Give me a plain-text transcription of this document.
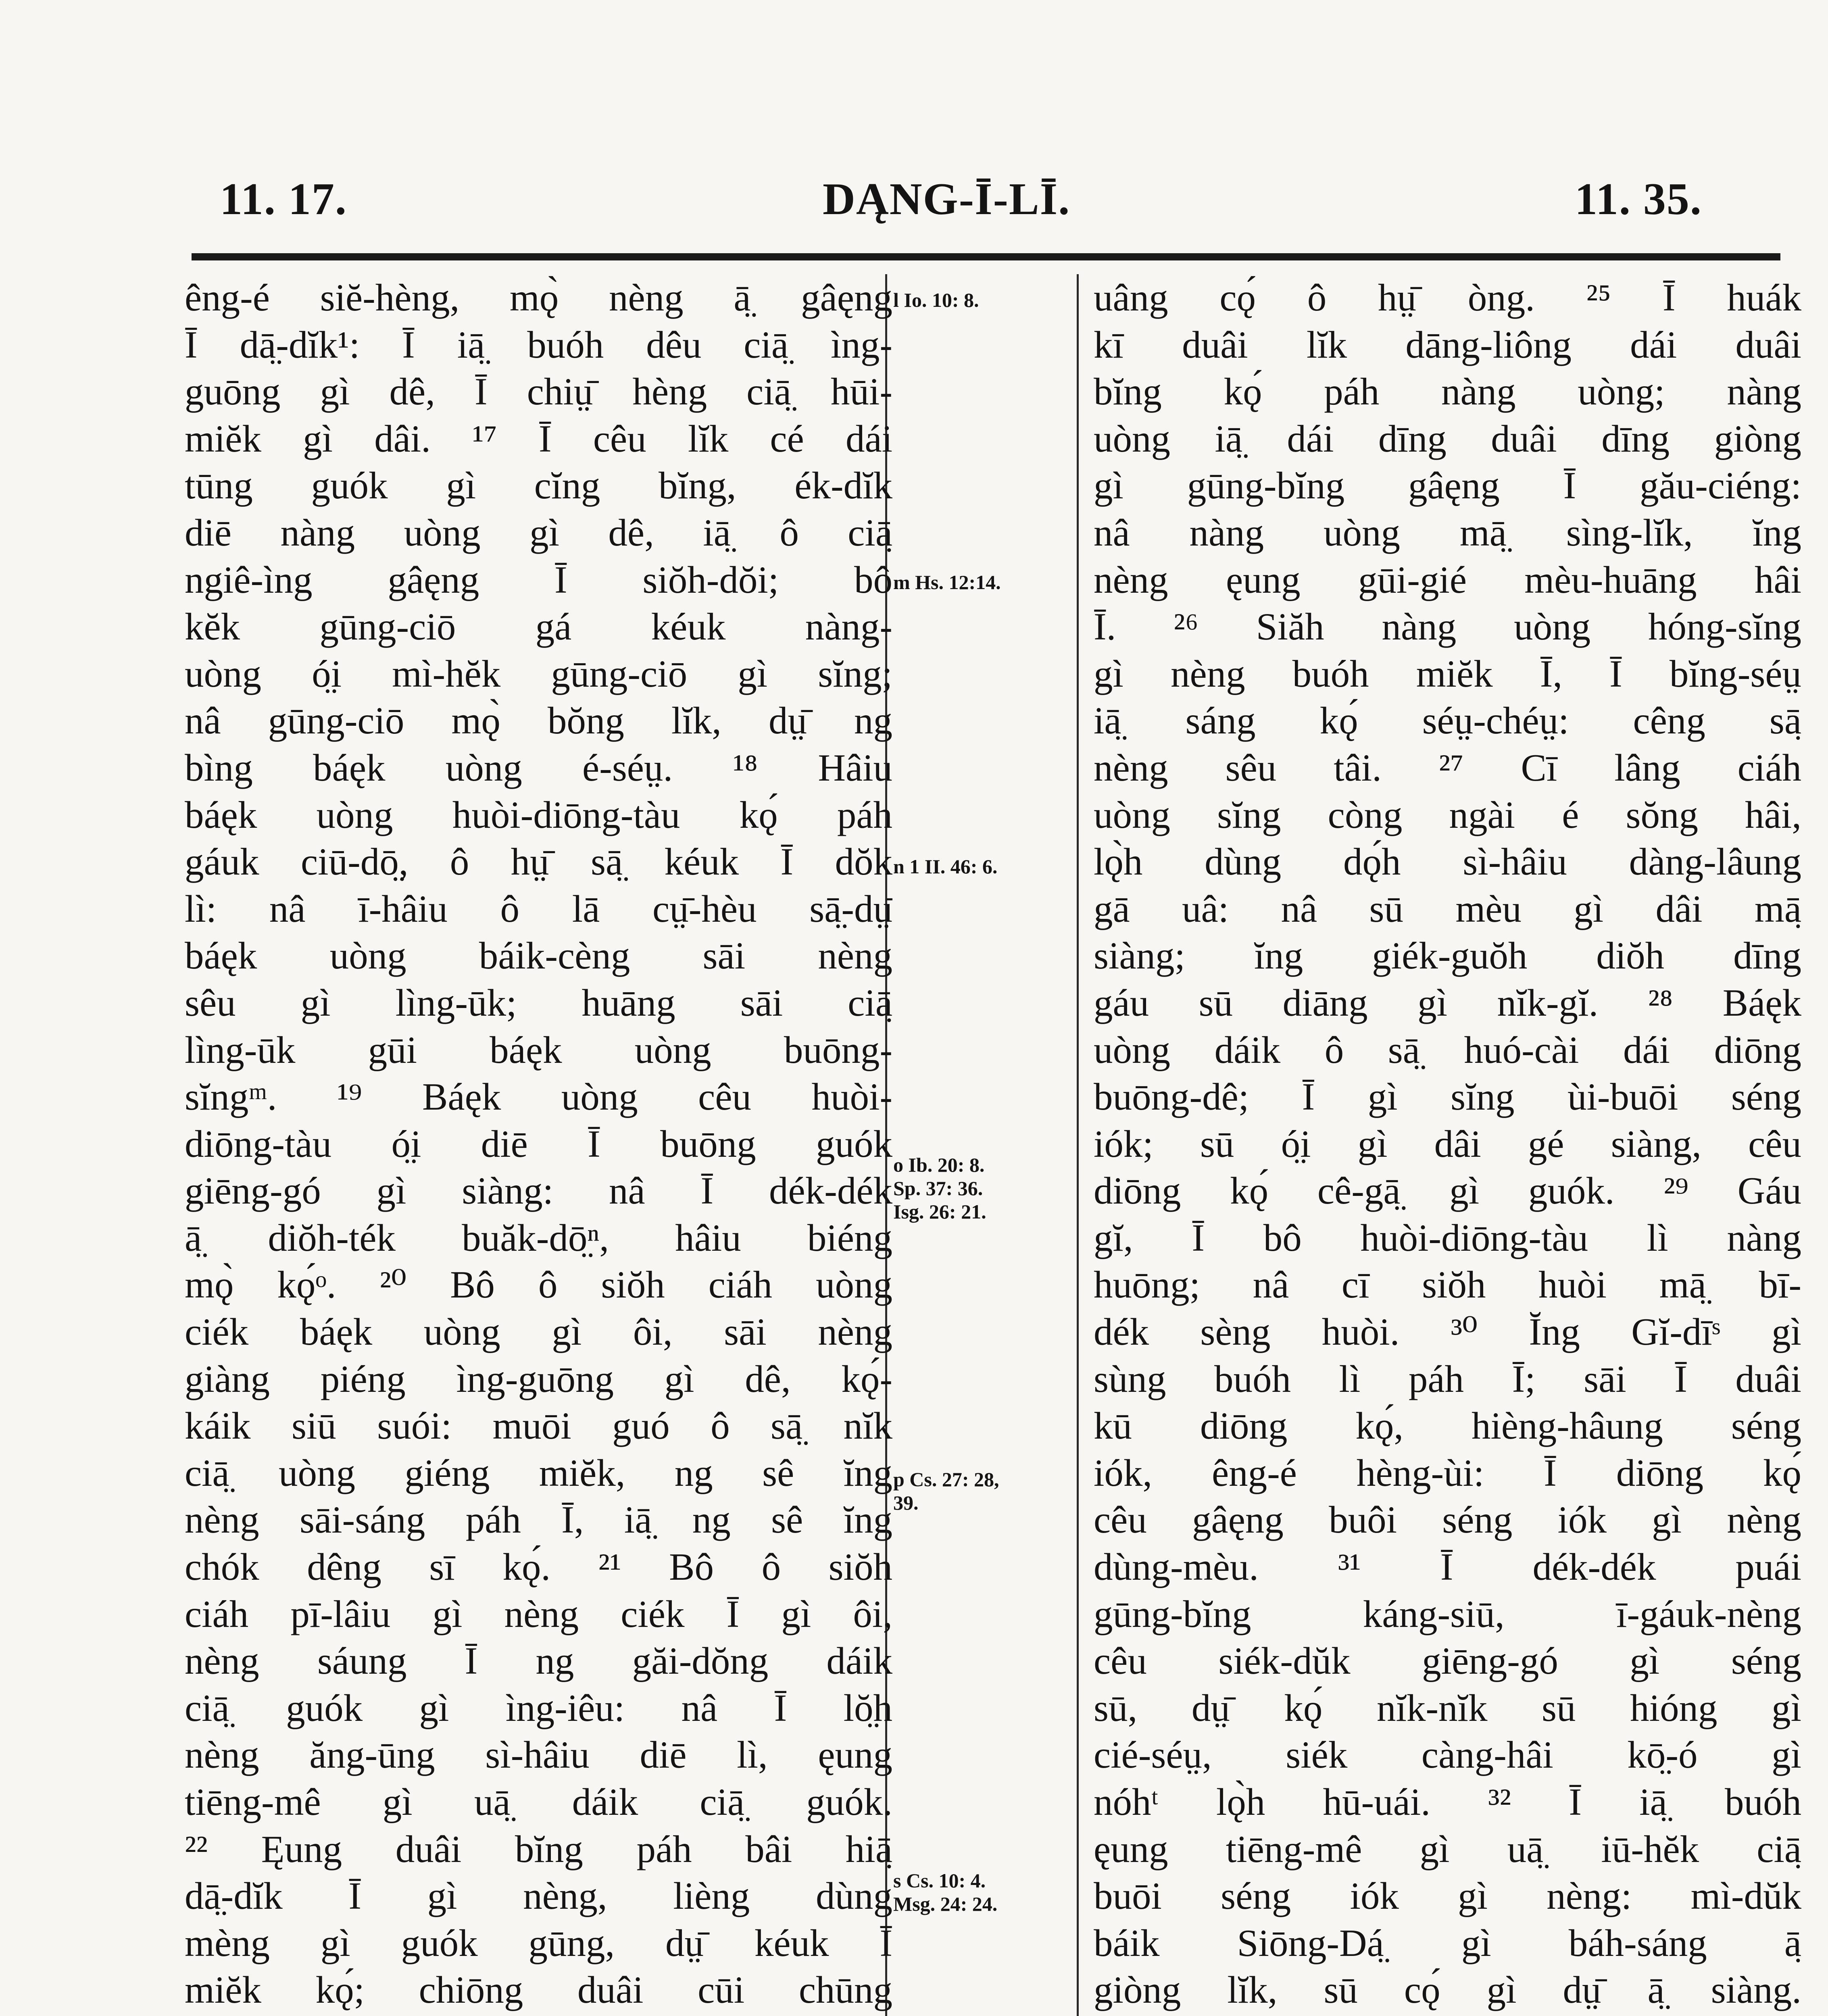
11. 17.	DĄNG-Ī-LĪ.	11. 35.
êng-é siĕ-hèng, mǫ̀ nèng ā̤ gâęng
Ī dā̤-dĭk¹: Ī iā̤ buóh dêu ciā̤ ìng-
guōng gì dê, Ī chiṳ̄ hèng ciā̤ hūi-
miĕk gì dâi. ¹⁷ Ī cêu lĭk cé dái
tūng guók gì cĭng bĭng, ék-dĭk
diē nàng uòng gì dê, iā̤ ô ciā̤
ngiê-ìng gâęng Ī siŏh-dŏi; bô
kĕk gūng-ciō gá kéuk nàng-
uòng ó̤i mì-hĕk gūng-ciō gì sĭng;
nâ gūng-ciō mǫ̀ bŏng lĭk, dṳ̄ ng
bìng báęk uòng é-séṳ. ¹⁸ Hâiu
báęk uòng huòi-diōng-tàu kǫ́ páh
gáuk ciū-dō̤, ô hṳ̄ sā̤ kéuk Ī dŏk
lì: nâ ī-hâiu ô lā cṳ̄-hèu sā̤-dṳ̄
báęk uòng báik-cèng sāi nèng
sêu gì lìng-ūk; huāng sāi ciā̤
lìng-ūk gūi báęk uòng buōng-
sĭngᵐ. ¹⁹ Báęk uòng cêu huòi-
diōng-tàu ó̤i diē Ī buōng guók
giēng-gó gì siàng: nâ Ī dék-dék
ā̤ diŏh-ték buăk-dō̤ⁿ, hâiu biéng
mǫ̀ kǫ́ᵒ. ²⁰ Bô ô siŏh ciáh uòng
ciék báęk uòng gì ôi, sāi nèng
giàng piéng ìng-guōng gì dê, kǫ́-
káik siū suói: muōi guó ô sā̤ nĭk
ciā̤ uòng giéng miĕk, ng sê ĭng
nèng sāi-sáng páh Ī, iā̤ ng sê ĭng
chók dêng sī kǫ́. ²¹ Bô ô siŏh
ciáh pī-lâiu gì nèng ciék Ī gì ôi,
nèng sáung Ī ng găi-dŏng dáik
ciā̤ guók gì ìng-iêu: nâ Ī lŏ̤h
nèng ăng-ūng sì-hâiu diē lì, ęung
tiēng-mê gì uā̤ dáik ciā̤ guók.
²² Ęung duâi bĭng páh bâi hiā̤
dā̤-dĭk Ī gì nèng, lièng dùng
mèng gì guók gūng, dṳ̄ kéuk Ī
miĕk kǫ́; chiōng duâi cūi chūng
l Io. 10: 8.
m Hs. 12:14.
n 1 II. 46: 6.
o Ib. 20: 8.
Sp. 37: 36.
Isg. 26: 21.
p Cs. 27: 28,
39.
s Cs. 10: 4.
Msg. 24: 24.
uâng cǫ́ ô hṳ̄ òng. ²⁵ Ī huák
kī duâi lĭk dāng-liông dái duâi
bĭng kǫ́ páh nàng uòng; nàng
uòng iā̤ dái dīng duâi dīng giòng
gì gūng-bĭng gâęng Ī gău-ciéng:
nâ nàng uòng mā̤ sìng-lĭk, ĭng
nèng ęung gūi-gié mèu-huāng hâi
Ī. ²⁶ Siăh nàng uòng hóng-sĭng
gì nèng buóh miĕk Ī, Ī bĭng-séṳ
iā̤ sáng kǫ́ séṳ-chéṳ: cêng sā̤
nèng sêu tâi. ²⁷ Cī lâng ciáh
uòng sĭng còng ngài é sŏng hâi,
lǫ̀h dùng dǫ́h sì-hâiu dàng-lâung
gā uâ: nâ sū mèu gì dâi mā̤
siàng; ĭng giék-guŏh diŏh dīng
gáu sū diāng gì nĭk-gĭ. ²⁸ Báęk
uòng dáik ô sā̤ huó-cài dái diōng
buōng-dê; Ī gì sĭng ùi-buōi séng
iók; sū ó̤i gì dâi gé siàng, cêu
diōng kǫ́ cê-gā̤ gì guók. ²⁹ Gáu
gĭ, Ī bô huòi-diōng-tàu lì nàng
huōng; nâ cī siŏh huòi mā̤ bī-
dék sèng huòi. ³⁰ Ĭng Gĭ-dīˢ gì
sùng buóh lì páh Ī; sāi Ī duâi
kū diōng kǫ́, hièng-hâung séng
iók, êng-é hèng-ùi: Ī diōng kǫ́
cêu gâęng buôi séng iók gì nèng
dùng-mèu. ³¹ Ī dék-dék puái
gūng-bĭng káng-siū, ī-gáuk-nèng
cêu siék-dŭk giēng-gó gì séng
sū, dṳ̄ kǫ́ nĭk-nĭk sū hióng gì
cié-séṳ, siék càng-hâi kō̤-ó gì
nóhᵗ lǫ̀h hū-uái. ³² Ī iā̤ buóh
ęung tiēng-mê gì uā̤ iū-hĕk ciā̤
buōi séng iók gì nèng: mì-dŭk
báik Siōng-Dá̤ gì báh-sáng ā̤
giòng lĭk, sū cǫ́ gì dṳ̄ ā̤ siàng.
